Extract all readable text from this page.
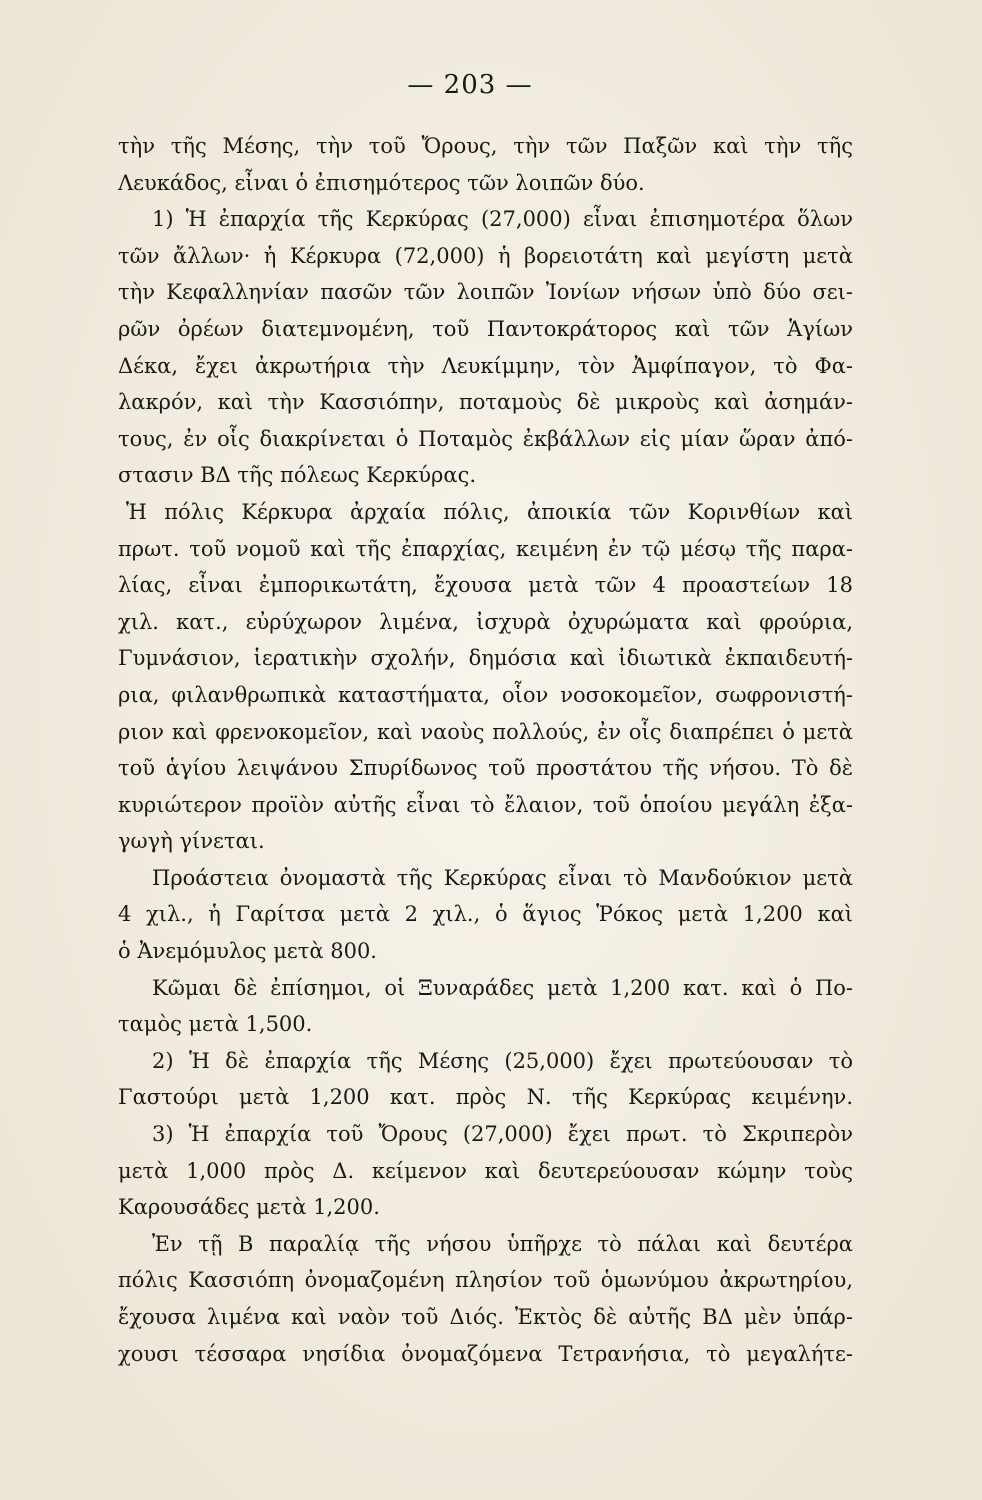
— 203 —
τὴν τῆς Μέσης, τὴν τοῦ Ὄρους, τὴν τῶν Παξῶν καὶ τὴν τῆς
Λευκάδος, εἶναι ὁ ἐπισημότερος τῶν λοιπῶν δύο.
1) Ἡ ἐπαρχία τῆς Κερκύρας (27,000) εἶναι ἐπισημοτέρα ὅλων
τῶν ἄλλων· ἡ Κέρκυρα (72,000) ἡ βορειοτάτη καὶ μεγίστη μετὰ
τὴν Κεφαλληνίαν πασῶν τῶν λοιπῶν Ἰονίων νήσων ὑπὸ δύο σει-
ρῶν ὀρέων διατεμνομένη, τοῦ Παντοκράτορος καὶ τῶν Ἁγίων
Δέκα, ἔχει ἀκρωτήρια τὴν Λευκίμμην, τὸν Ἀμφίπαγον, τὸ Φα-
λακρόν, καὶ τὴν Κασσιόπην, ποταμοὺς δὲ μικροὺς καὶ ἀσημάν-
τους, ἐν οἷς διακρίνεται ὁ Ποταμὸς ἐκβάλλων εἰς μίαν ὥραν ἀπό-
στασιν ΒΔ τῆς πόλεως Κερκύρας.
Ἡ πόλις Κέρκυρα ἀρχαία πόλις, ἀποικία τῶν Κορινθίων καὶ
πρωτ. τοῦ νομοῦ καὶ τῆς ἐπαρχίας, κειμένη ἐν τῷ μέσῳ τῆς παρα-
λίας, εἶναι ἐμπορικωτάτη, ἔχουσα μετὰ τῶν 4 προαστείων 18
χιλ. κατ., εὐρύχωρον λιμένα, ἰσχυρὰ ὀχυρώματα καὶ φρούρια,
Γυμνάσιον, ἱερατικὴν σχολήν, δημόσια καὶ ἰδιωτικὰ ἐκπαιδευτή-
ρια, φιλανθρωπικὰ καταστήματα, οἷον νοσοκομεῖον, σωφρονιστή-
ριον καὶ φρενοκομεῖον, καὶ ναοὺς πολλούς, ἐν οἷς διαπρέπει ὁ μετὰ
τοῦ ἁγίου λειψάνου Σπυρίδωνος τοῦ προστάτου τῆς νήσου. Τὸ δὲ
κυριώτερον προϊὸν αὐτῆς εἶναι τὸ ἔλαιον, τοῦ ὁποίου μεγάλη ἐξα-
γωγὴ γίνεται.
Προάστεια ὀνομαστὰ τῆς Κερκύρας εἶναι τὸ Μανδούκιον μετὰ
4 χιλ., ἡ Γαρίτσα μετὰ 2 χιλ., ὁ ἅγιος Ῥόκος μετὰ 1,200 καὶ
ὁ Ἀνεμόμυλος μετὰ 800.
Κῶμαι δὲ ἐπίσημοι, οἱ Ξυναράδες μετὰ 1,200 κατ. καὶ ὁ Πο-
ταμὸς μετὰ 1,500.
2) Ἡ δὲ ἐπαρχία τῆς Μέσης (25,000) ἔχει πρωτεύουσαν τὸ
Γαστούρι μετὰ 1,200 κατ. πρὸς Ν. τῆς Κερκύρας κειμένην.
3) Ἡ ἐπαρχία τοῦ Ὄρους (27,000) ἔχει πρωτ. τὸ Σκριπερὸν
μετὰ 1,000 πρὸς Δ. κείμενον καὶ δευτερεύουσαν κώμην τοὺς
Καρουσάδες μετὰ 1,200.
Ἐν τῇ Β παραλίᾳ τῆς νήσου ὑπῆρχε τὸ πάλαι καὶ δευτέρα
πόλις Κασσιόπη ὀνομαζομένη πλησίον τοῦ ὁμωνύμου ἀκρωτηρίου,
ἔχουσα λιμένα καὶ ναὸν τοῦ Διός. Ἐκτὸς δὲ αὐτῆς ΒΔ μὲν ὑπάρ-
χουσι τέσσαρα νησίδια ὀνομαζόμενα Τετρανήσια, τὸ μεγαλήτε-
